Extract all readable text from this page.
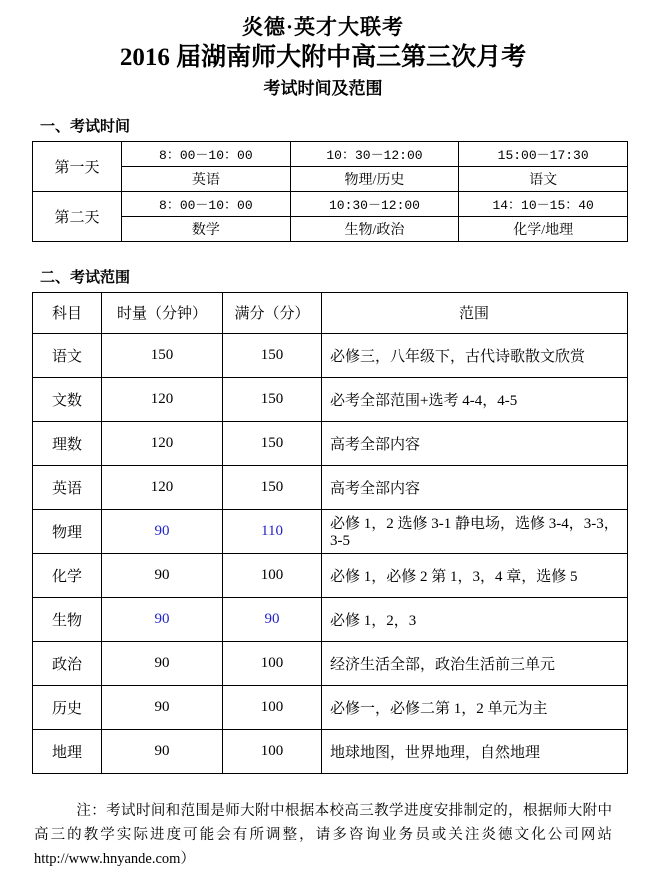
炎德·英才大联考
2016 届湖南师大附中高三第三次月考
考试时间及范围
一、考试时间
第一天	8：00－10：00	10：30－12:00	15:00－17:30
	英语	物理/历史	语文
第二天	8：00－10：00	10:30－12:00	14：10－15：40
	数学	生物/政治	化学/地理
二、考试范围
科目	时量（分钟）	满分（分）	范围
语文	150	150	必修三，八年级下，古代诗歌散文欣赏
文数	120	150	必考全部范围+选考 4-4，4-5
理数	120	150	高考全部内容
英语	120	150	高考全部内容
物理	90	110	必修 1，2 选修 3-1 静电场，选修 3-4，3-3，3-5
化学	90	100	必修 1，必修 2 第 1，3，4 章，选修 5
生物	90	90	必修 1，2，3
政治	90	100	经济生活全部，政治生活前三单元
历史	90	100	必修一，必修二第 1，2 单元为主
地理	90	100	地球地图，世界地理，自然地理
注：考试时间和范围是师大附中根据本校高三教学进度安排制定的，根据师大附中高三的教学实际进度可能会有所调整，请多咨询业务员或关注炎德文化公司网站 http://www.hnyande.com）
